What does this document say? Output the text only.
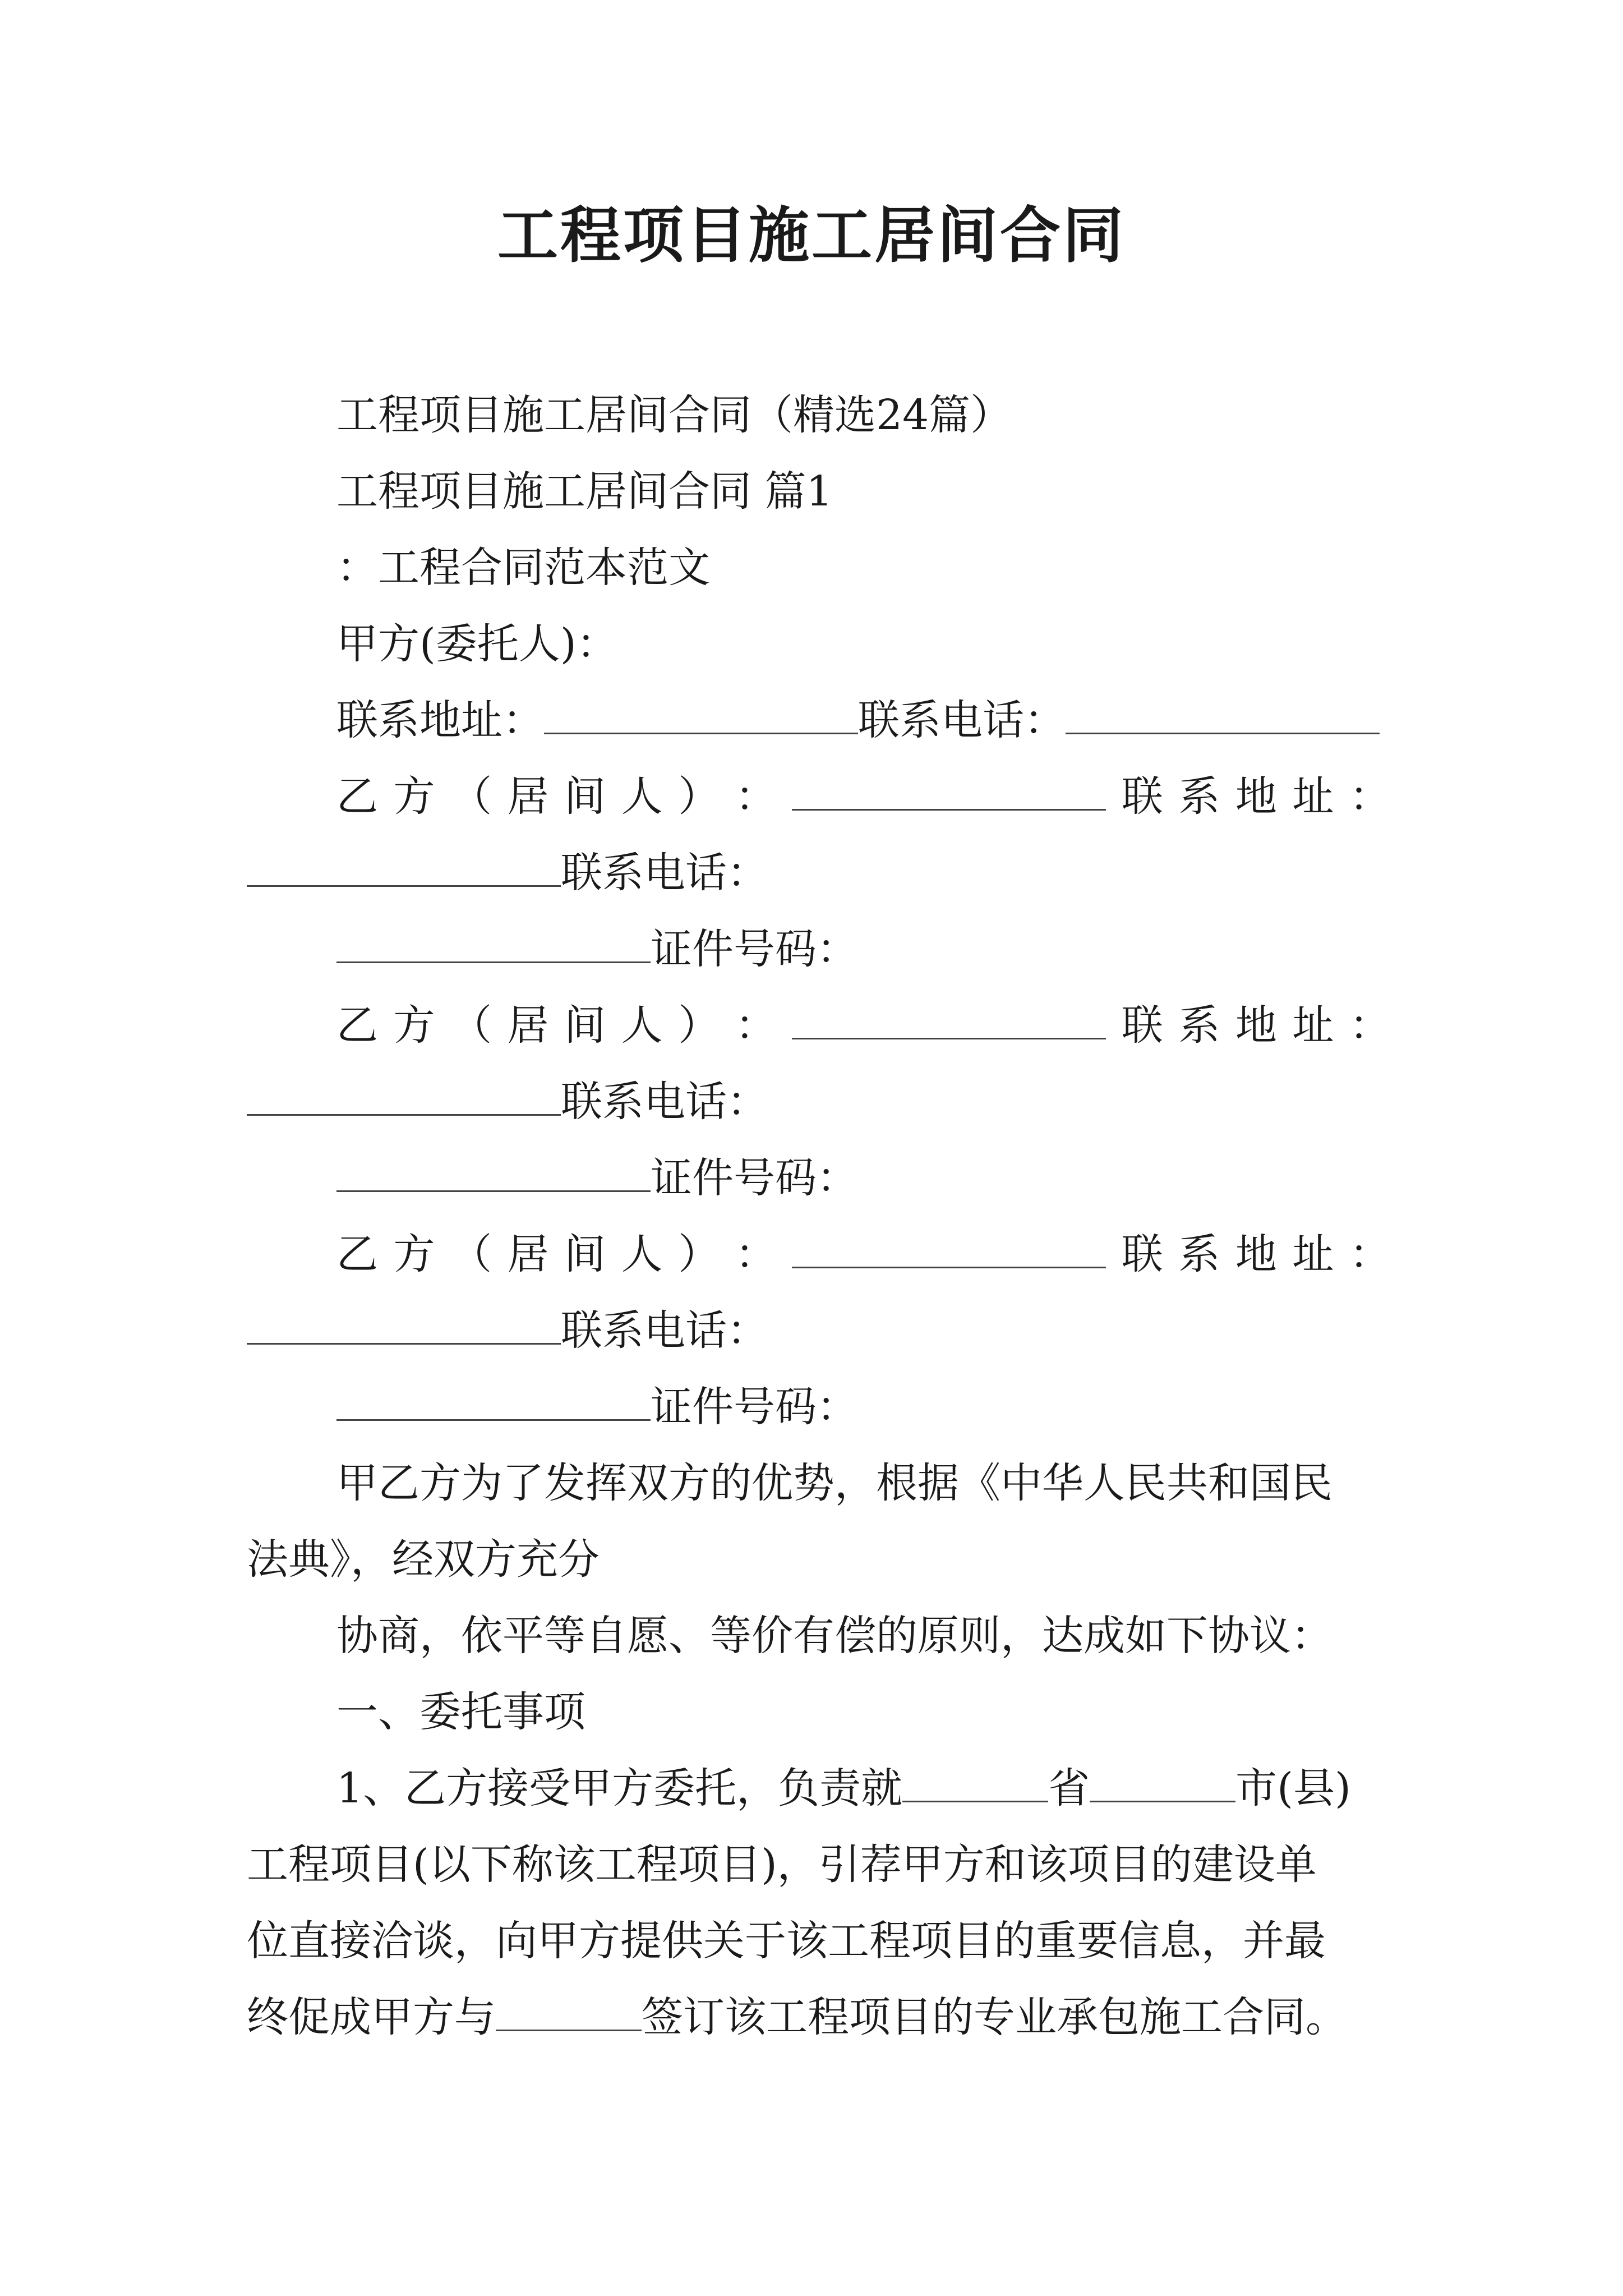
工程项目施工居间合同
工程项目施工居间合同（精选24篇）
工程项目施工居间合同 篇1
：工程合同范本范文
甲方(委托人)：
联系地址：	联系电话：
乙 方 （ 居 间 人 ） ：	联 系 地 址 ：
联系电话：
证件号码：
乙 方 （ 居 间 人 ） ：	联 系 地 址 ：
联系电话：
证件号码：
乙 方 （ 居 间 人 ） ：	联 系 地 址 ：
联系电话：
证件号码：
甲乙方为了发挥双方的优势，根据《中华人民共和国民
法典》，经双方充分
协商，依平等自愿、等价有偿的原则，达成如下协议：
一、委托事项
1、乙方接受甲方委托，负责就	省	市(县)
工程项目(以下称该工程项目)，引荐甲方和该项目的建设单
位直接洽谈，向甲方提供关于该工程项目的重要信息，并最
终促成甲方与	签订该工程项目的专业承包施工合同。
